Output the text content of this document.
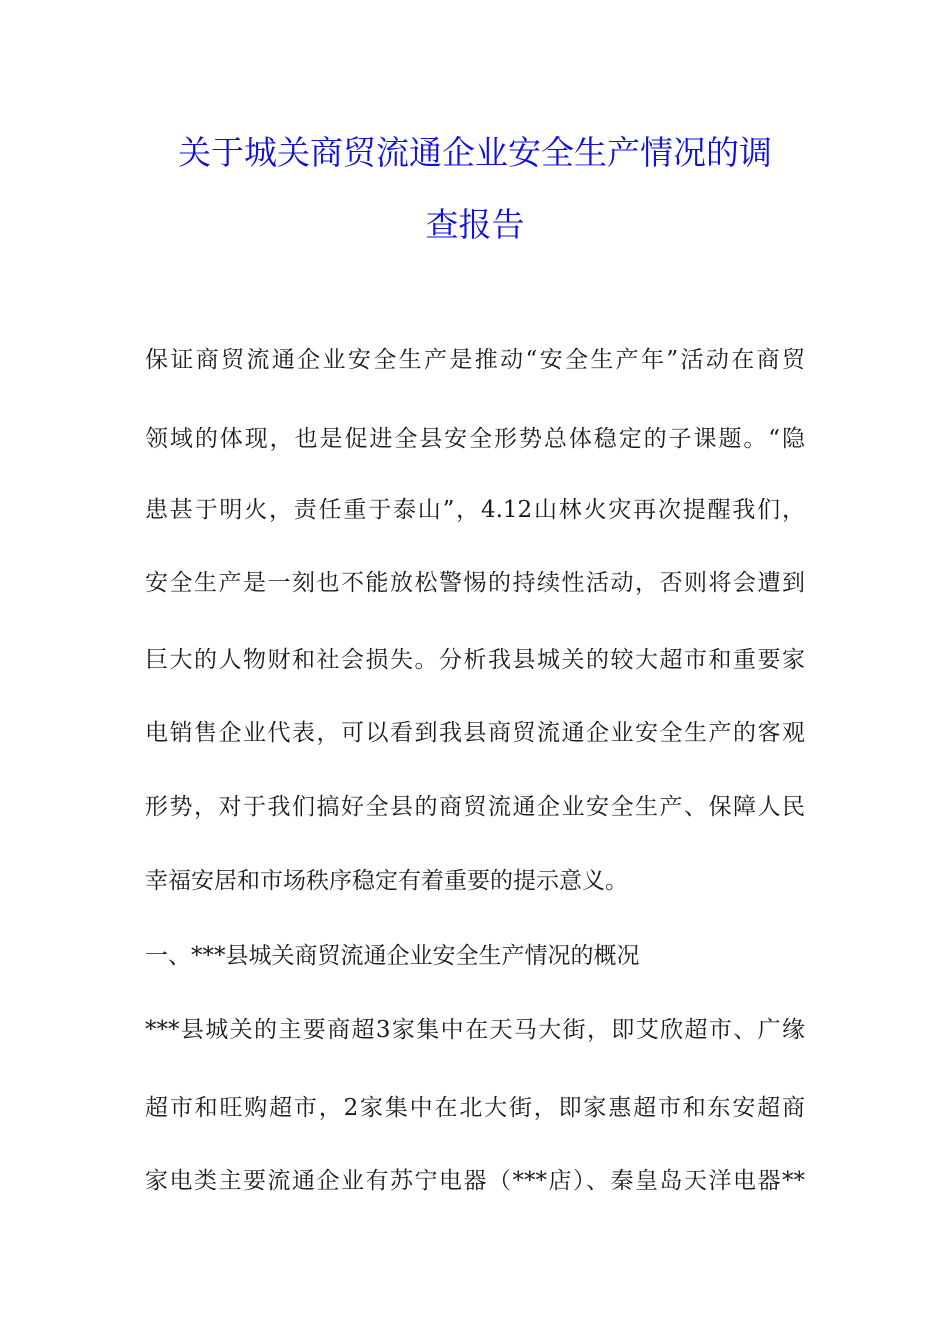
关于城关商贸流通企业安全生产情况的调
查报告
保证商贸流通企业安全生产是推动“安全生产年”活动在商贸
领域的体现，也是促进全县安全形势总体稳定的子课题。“隐
患甚于明火，责任重于泰山”，4.12山林火灾再次提醒我们，
安全生产是一刻也不能放松警惕的持续性活动，否则将会遭到
巨大的人物财和社会损失。分析我县城关的较大超市和重要家
电销售企业代表，可以看到我县商贸流通企业安全生产的客观
形势，对于我们搞好全县的商贸流通企业安全生产、保障人民
幸福安居和市场秩序稳定有着重要的提示意义。
一、***县城关商贸流通企业安全生产情况的概况
***县城关的主要商超3家集中在天马大街，即艾欣超市、广缘
超市和旺购超市，2家集中在北大街，即家惠超市和东安超商
家电类主要流通企业有苏宁电器（***店）、秦皇岛天洋电器**
